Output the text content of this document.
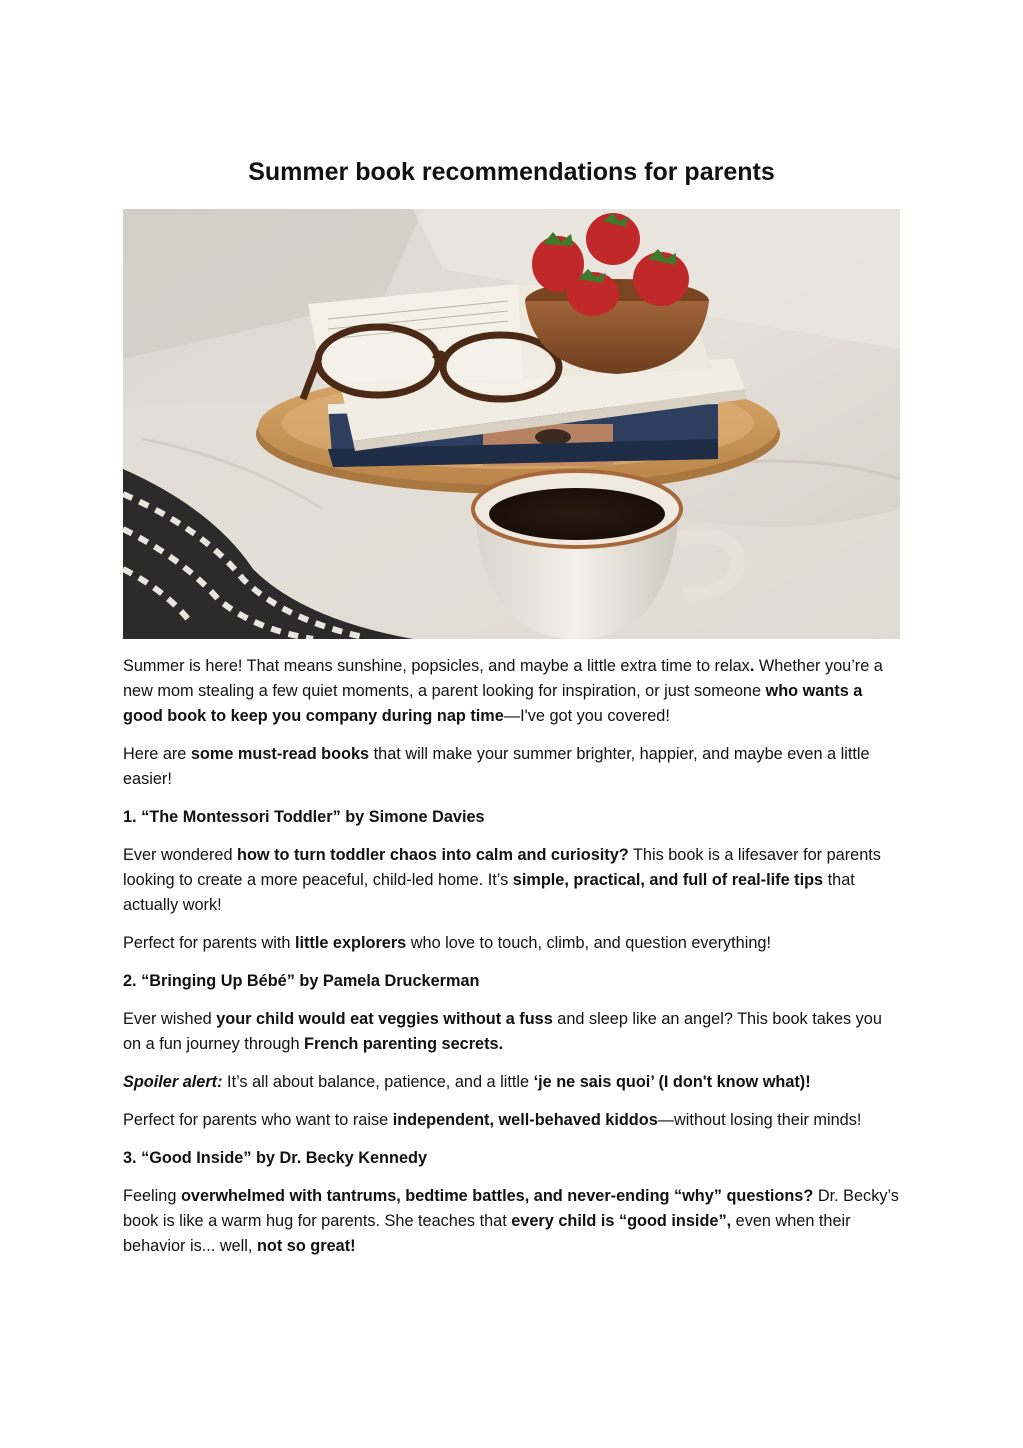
Summer book recommendations for parents

Summer is here! That means sunshine, popsicles, and maybe a little extra time to relax. Whether you’re a new mom stealing a few quiet moments, a parent looking for inspiration, or just someone who wants a good book to keep you company during nap time—I've got you covered!

Here are some must-read books that will make your summer brighter, happier, and maybe even a little easier!

1. “The Montessori Toddler” by Simone Davies

Ever wondered how to turn toddler chaos into calm and curiosity? This book is a lifesaver for parents looking to create a more peaceful, child-led home. It’s simple, practical, and full of real-life tips that actually work!

Perfect for parents with little explorers who love to touch, climb, and question everything!

2. “Bringing Up Bébé” by Pamela Druckerman

Ever wished your child would eat veggies without a fuss and sleep like an angel? This book takes you on a fun journey through French parenting secrets.

Spoiler alert: It’s all about balance, patience, and a little ‘je ne sais quoi’ (I don't know what)!

Perfect for parents who want to raise independent, well-behaved kiddos—without losing their minds!

3. “Good Inside” by Dr. Becky Kennedy

Feeling overwhelmed with tantrums, bedtime battles, and never-ending “why” questions? Dr. Becky’s book is like a warm hug for parents. She teaches that every child is “good inside”, even when their behavior is... well, not so great!
